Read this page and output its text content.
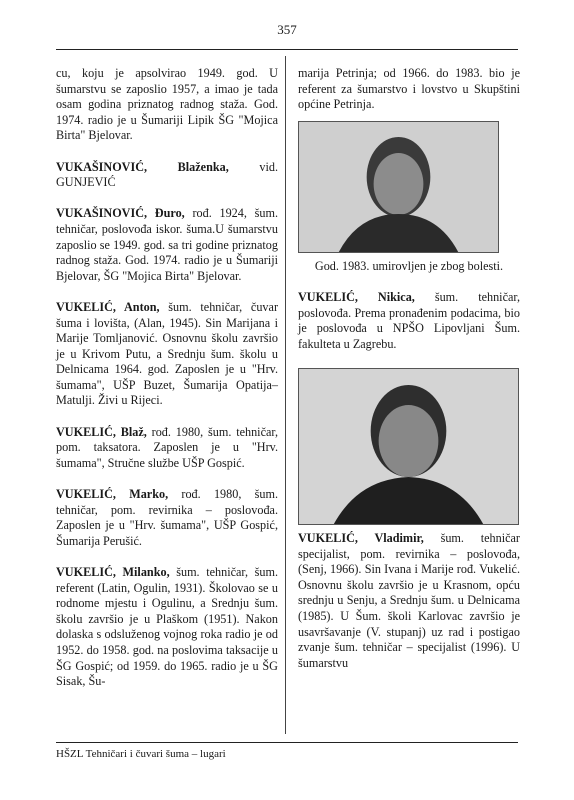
357

cu, koju je apsolvirao 1949. god. U šumarstvu se zaposlio 1957, a imao je tada osam godina priznatog radnog staža. God. 1974. radio je u Šumariji Lipik ŠG "Mojica Birta" Bjelovar.

VUKAŠINOVIĆ, Blaženka, vid. GUNJEVIĆ

VUKAŠINOVIĆ, Đuro, rođ. 1924, šum. tehničar, poslovođa iskor. šuma.U šumarstvu zaposlio se 1949. god. sa tri godine priznatog radnog staža. God. 1974. radio je u Šumariji Bjelovar, ŠG "Mojica Birta" Bjelovar.

VUKELIĆ, Anton, šum. tehničar, čuvar šuma i lovišta, (Alan, 1945). Sin Marijana i Marije Tomljanović. Osnovnu školu završio je u Krivom Putu, a Srednju šum. školu u Delnicama 1964. god. Zaposlen je u "Hrv. šumama", UŠP Buzet, Šumarija Opatija–Matulji. Živi u Rijeci.

VUKELIĆ, Blaž, rođ. 1980, šum. tehničar, pom. taksatora. Zaposlen je u "Hrv. šumama", Stručne službe UŠP Gospić.

VUKELIĆ, Marko, rođ. 1980, šum. tehničar, pom. revirnika – poslovođa. Zaposlen je u "Hrv. šumama", UŠP Gospić, Šumarija Perušić.

VUKELIĆ, Milanko, šum. tehničar, šum. referent (Latin, Ogulin, 1931). Školovao se u rodnome mjestu i Ogulinu, a Srednju šum. školu završio je u Plaškom (1951). Nakon dolaska s odsluženog vojnog roka radio je od 1952. do 1958. god. na poslovima taksacije u ŠG Gospić; od 1959. do 1965. radio je u ŠG Sisak, Šu-

marija Petrinja; od 1966. do 1983. bio je referent za šumarstvo i lovstvo u Skupštini općine Petrinja.

God. 1983. umirovljen je zbog bolesti.

VUKELIĆ, Nikica, šum. tehničar, poslovođa. Prema pronađenim podacima, bio je poslovođa u NPŠO Lipovljani Šum. fakulteta u Zagrebu.

VUKELIĆ, Vladimir, šum. tehničar specijalist, pom. revirnika – poslovođa, (Senj, 1966). Sin Ivana i Marije rođ. Vukelić. Osnovnu školu završio je u Krasnom, opću srednju u Senju, a Srednju šum. u Delnicama (1985). U Šum. školi Karlovac završio je usavršavanje (V. stupanj) uz rad i postigao zvanje šum. tehničar – specijalist (1996). U šumarstvu

HŠZL Tehničari i čuvari šuma – lugari
